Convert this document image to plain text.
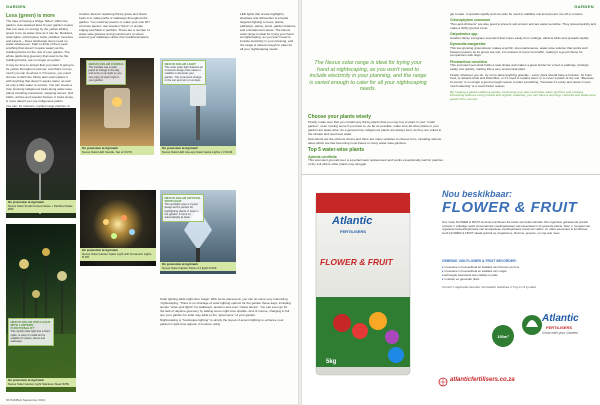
GARDEN
Less (green) is more

The idea of having a bridge "Eden" within the garden, less-watered area of your garden means that you save on energy by the yellow adding space to be as water wise as it can be. Boulders, solar lights, old bicycles, beds, pebbles, benches and pavers – these landscape items need no water whatsoever. Start to think of them (and anything that doesn't require water) as the building blocks for the rest of your garden. The whole gardening greenery that used to be the building blocks, are no longer an option.

It may be time to accept that your lawn is going to be yellow throughout summer, and that's not too much you can do about it. Of course, you could choose to ditch the thirsty lawn and replace it with anything that doesn't require water, as well as only a little water to survive. You can create a truly stunning indigenous beds along water-wise plants including succulents, stepping stones, bird baths, arches and wooden frames. It looks lovely, is more ideal if you use indigenous plants.

You can, for instance, replace large patches of

Another idea for replacing thirsty grass and flower beds is to make paths or walkways throughout the garden. You could lay pavers or make your own DIY concrete pavers; use wooden "discs" or simple edging and flank in pebbles. These are a number of water-wise grasses and groundcovers to select around your walkways rather than traditional lawns.

NEXUS SOLAR PATH LIGHT WITH LANTERN FUNCTIONALITY
This stylish solar light has a fixed spike, is easy to install and is suitable for patios, lawns and walkways.
On promotion at Agrimark
Nexus Solar Garden Light Stainless Steel R259
On promotion at Agrimark
Nexus Solar Garden Spike Light with Ornament Lights R 9/9
On promotion at Agrimark
Nexus Solar Small Frosted Glass + Pebbled Stake R89
NEXUS SOLAR CANDLE
The candles use a solar panel to charge in the day and turns on at night so you can enjoy its warm light in your garden.
On promotion at Agrimark
Nexus Solar LED Candle, Set of 3 R79
NEXUS SOLAR CRYSTAL SPOTLIGHT
This spotlight uses a crystal design and is perfect for highlighting plants or trees in the garden. It turns on automatically at dusk.
On promotion at Agrimark
Nexus Solar Garden Pack of 4 lights R199

Solar lighting adds night-time magic. With stone placement, you can do some very interesting 'nightscaping.' There is no shortage of solar lighting options for the garden these days, including simple "solar spot lights" for walkways, lanterns and even "street lamps". You can even go for the lack of daytime greenery by adding some night-time sparkle. And of course, charging in full sun your garden for solar way adds to the "greenness" of your garden.

Nightscaping or "landscape lighting" is simply the layout of accent lighting to enhance your garden's night-time appeal. It involves using

NEXUS SOLAR LIGHT
This solar spike light features an ornament design that makes it suitable to decorate your garden. The ornaments charge in the sun and turn on at dusk.
On promotion at Agrimark
Nexus Solar LED Lite-ups Solar Globe Lights x 3 R149

LED lights that create highlights, shadows and silhouettes to provide targeted lighting to trees, plants, pathways, patios, pools, garden features and entertainment areas. The Nexus solar range is ideal for trying your hand at nightscaping, as you won't need to include electricity in your planning, and the range is varied enough to cater for all your nightscaping needs.

56 PAMBrat September 2019
GARDEN
The Nexus solar range is ideal for trying your hand at nightscaping, as you won't need to include electricity in your planning, and the range is varied enough to cater for all your nightscaping needs.
Choose your plants wisely

Finally, make sure that you contain any thirsty plants that you may buy or plant in your "small garden", even moving some if you have to. As far as possible, make sure all other plants in your garden are water-wise. As a general rule, indigenous plants are always best, as they are suited to the climate and need less water.

Succulents are the obvious choice and there are many varieties to choose from, including various aloes which are fast becoming must-haves in many water-wise gardens.

Top 5 water-wise plants
Aptenia cordifolia

This succulent groundcover is a perfect lawn replacement and works exceptionally well for patches of dry soil where other plants may struggle

gle to take. It spreads rapidly and can also be used to stabilise soil and prevent run-off or erosion.

Chlorophytum comosum

"Hen-and-chickens" are also good to prevent soil erosion and are water-sensitive. They spread quickly and make a thrifty ground cover.

Carpobrotus spp.

Another hardy, evergreen succulent that copes easily from cuttings, attracts birds and spreads rapidly.

Dymondia margaretae

This low-growing groundcover makes a terrific, low-maintenance, water-wise solution that works well between pavers as its grows low soil. It is tolerant of some foot traffic, making it a good choice for companions with dogs.

Plectranthus neochilus

This succulent perennial holds a neat shape and makes a great border for a bed or pathway. Cuttings easily root quickly, making this a very economical plant.

Finally, whatever you do, try not to plant anything greedily – every plant should have a function. Its fruits food, or attracts birds and butterflies, or it's used to replace lawn, or to cover a patch of dry soil. "Because it's pretty" is no longer a good enough reason to plant something, "because it's pretty and doesn't need much watering" is a much better reason.

By creating a garden-within-a-garden minimising your lawn and other water guzzlers and creating interesting features using natural and organic materials, you can have a stunning, colourful and water-wise garden this summer.

Atlantic
FERTILISERS
FLOWER & FRUIT
5kg
Nou beskikbaar:
FLOWER & FRUIT
Ons nuwe FLOWER & FRUIT kunsmis kombineer die beste van beide wêrelde. Die organiese gebaseerde produk verbeter n volledige reeks (voornaamste voedingstowwe) wat essensieel is vir gesonde plante. Deur 'n mengsel van organiese bemestingstowwe met anorganiese voedingstowwe (sowel as makro- en mikro-elemente) te kombineer, word FLOWER & FRUIT ideaal gebruik op vrugtebome, blomme, groente, en nog vele meer.
GEBRUIK VAN FLOWER & FRUIT BEVORDER:
▸ 'n toename in hoeveelheid en kwaliteit van blomme per bos
▸ 'n toename in hoeveelheid en kwaliteit van vrugte
▸ verhoogde weerstand teen siektes en plae
▸ 'n sterker en gesonder plant
Ons leef 'n uitgebreide natuurlike, hoë kwaliteit, beskikbaar in 5 kg en 15 kg sakke.
Atlantic
FERTILISERS
Grow with your Garden
150m²
atlanticfertilisers.co.za
